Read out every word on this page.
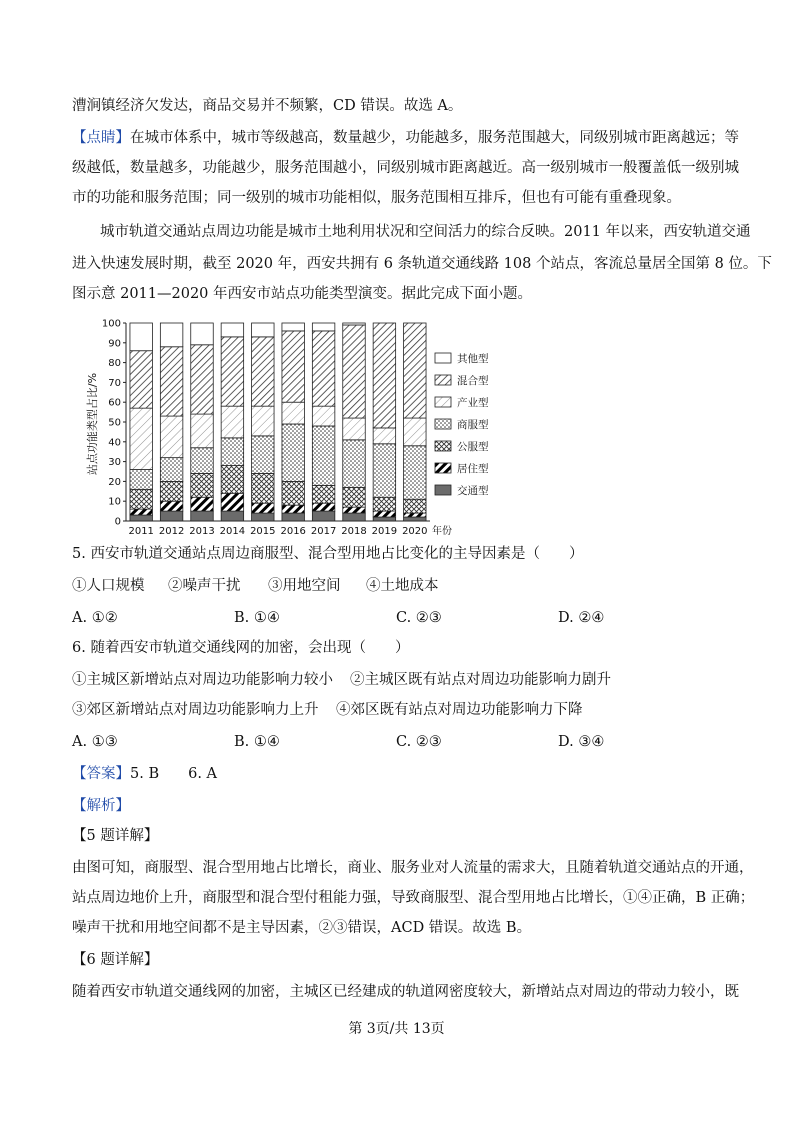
漕涧镇经济欠发达，商品交易并不频繁，CD 错误。故选 A。
【点睛】在城市体系中，城市等级越高，数量越少，功能越多，服务范围越大，同级别城市距离越远；等
级越低，数量越多，功能越少，服务范围越小，同级别城市距离越近。高一级别城市一般覆盖低一级别城
市的功能和服务范围；同一级别的城市功能相似，服务范围相互排斥，但也有可能有重叠现象。
城市轨道交通站点周边功能是城市土地利用状况和空间活力的综合反映。2011 年以来，西安轨道交通
进入快速发展时期，截至 2020 年，西安共拥有 6 条轨道交通线路 108 个站点，客流总量居全国第 8 位。下
图示意 2011—2020 年西安市站点功能类型演变。据此完成下面小题。
站点功能类型占比/%
0
10
20
30
40
50
60
70
80
90
100
2011 2012 2013 2014 2015 2016 2017 2018 2019 2020 年份
其他型
混合型
产业型
商服型
公服型
居住型
交通型
5. 西安市轨道交通站点周边商服型、混合型用地占比变化的主导因素是（　　）
①人口规模 ②噪声干扰 ③用地空间 ④土地成本
A. ①②	B. ①④	C. ②③	D. ②④
6. 随着西安市轨道交通线网的加密，会出现（　　）
①主城区新增站点对周边功能影响力较小 ②主城区既有站点对周边功能影响力剧升
③郊区新增站点对周边功能影响力上升 ④郊区既有站点对周边功能影响力下降
A. ①③	B. ①④	C. ②③	D. ③④
【答案】5. B　　6. A
【解析】
【5 题详解】
由图可知，商服型、混合型用地占比增长，商业、服务业对人流量的需求大，且随着轨道交通站点的开通，
站点周边地价上升，商服型和混合型付租能力强，导致商服型、混合型用地占比增长，①④正确，B 正确；
噪声干扰和用地空间都不是主导因素，②③错误，ACD 错误。故选 B。
【6 题详解】
随着西安市轨道交通线网的加密，主城区已经建成的轨道网密度较大，新增站点对周边的带动力较小，既
第 3页/共 13页
